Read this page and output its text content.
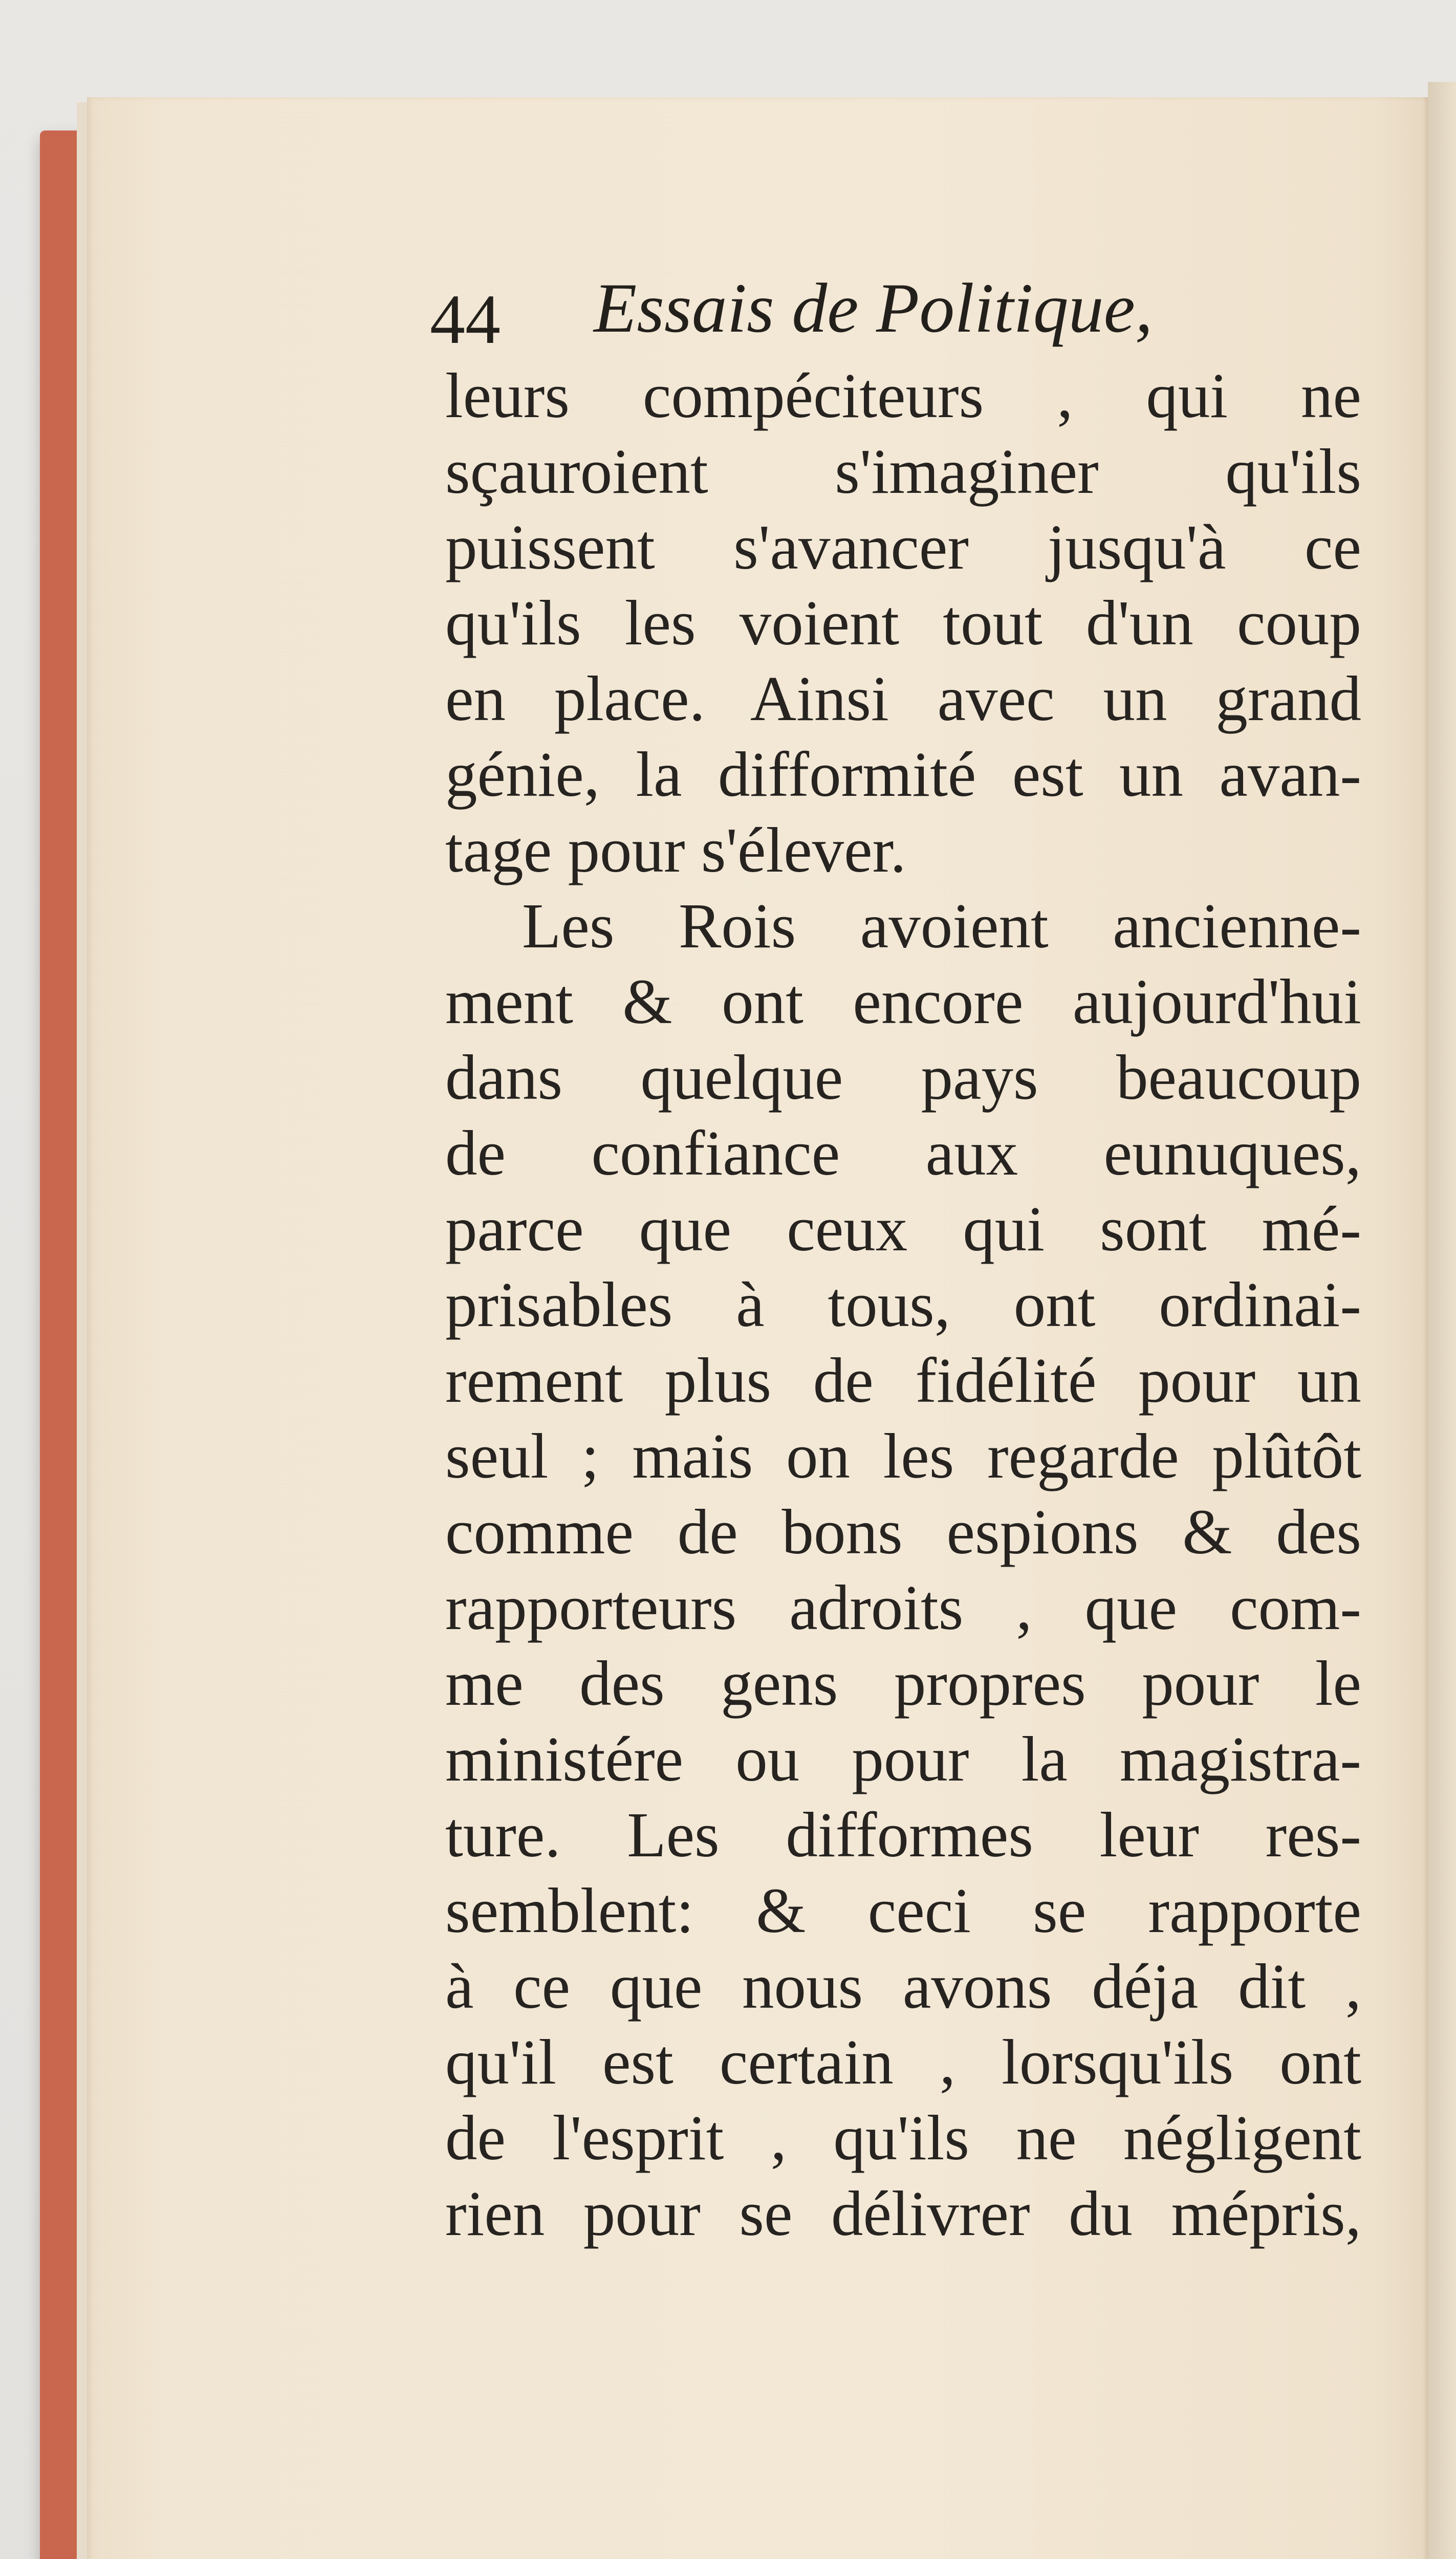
44 Essais de Politique,
leurs compéciteurs , qui ne
sçauroient s'imaginer qu'ils
puissent s'avancer jusqu'à ce
qu'ils les voient tout d'un coup
en place. Ainsi avec un grand
génie, la difformité est un avan-
tage pour s'élever.
Les Rois avoient ancienne-
ment & ont encore aujourd'hui
dans quelque pays beaucoup
de confiance aux eunuques,
parce que ceux qui sont mé-
prisables à tous, ont ordinai-
rement plus de fidélité pour un
seul ; mais on les regarde plûtôt
comme de bons espions & des
rapporteurs adroits , que com-
me des gens propres pour le
ministére ou pour la magistra-
ture. Les difformes leur res-
semblent: & ceci se rapporte
à ce que nous avons déja dit ,
qu'il est certain , lorsqu'ils ont
de l'esprit , qu'ils ne négligent
rien pour se délivrer du mépris,
